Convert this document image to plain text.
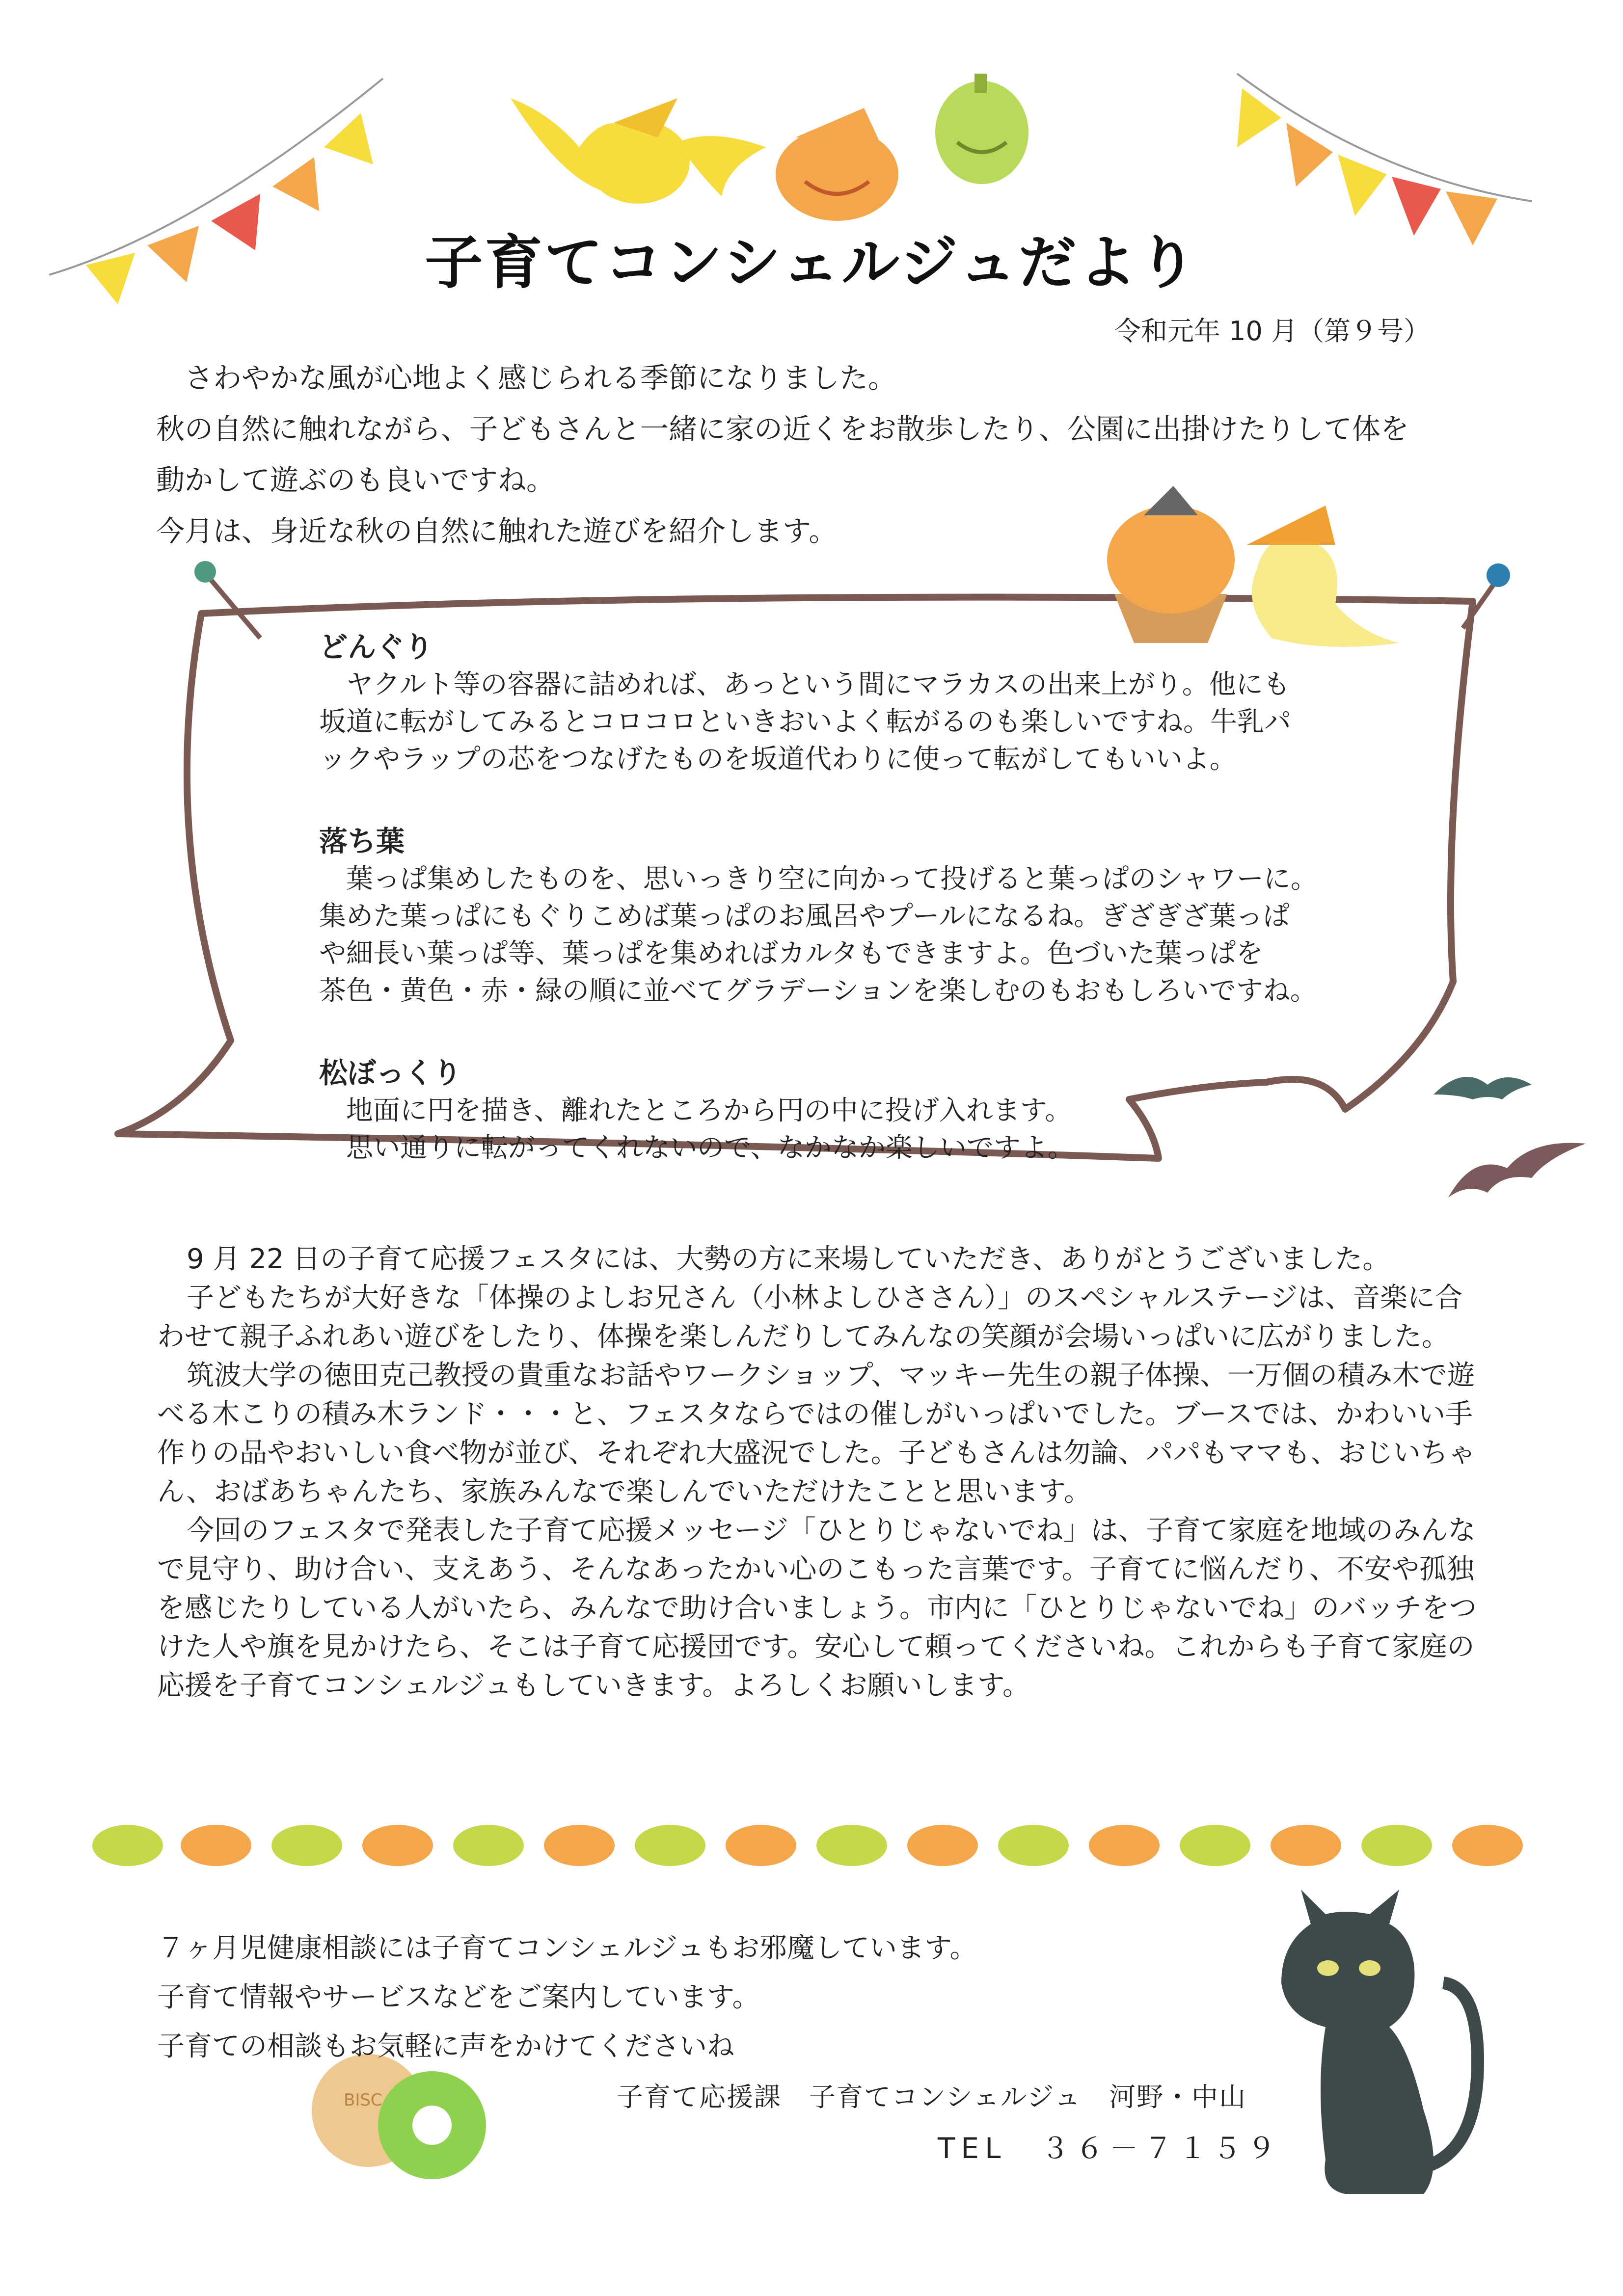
BISC
子育てコンシェルジュだより
令和元年 10 月（第９号）

　さわやかな風が心地よく感じられる季節になりました。

秋の自然に触れながら、子どもさんと一緒に家の近くをお散歩したり、公園に出掛けたりして体を

動かして遊ぶのも良いですね。

今月は、身近な秋の自然に触れた遊びを紹介します。

どんぐり
　ヤクルト等の容器に詰めれば、あっという間にマラカスの出来上がり。他にも
坂道に転がしてみるとコロコロといきおいよく転がるのも楽しいですね。牛乳パ
ックやラップの芯をつなげたものを坂道代わりに使って転がしてもいいよ。
落ち葉
　葉っぱ集めしたものを、思いっきり空に向かって投げると葉っぱのシャワーに。
集めた葉っぱにもぐりこめば葉っぱのお風呂やプールになるね。ぎざぎざ葉っぱ
や細長い葉っぱ等、葉っぱを集めればカルタもできますよ。色づいた葉っぱを
茶色・黄色・赤・緑の順に並べてグラデーションを楽しむのもおもしろいですね。
松ぼっくり
　地面に円を描き、離れたところから円の中に投げ入れます。
　思い通りに転がってくれないので、なかなか楽しいですよ。

9 月 22 日の子育て応援フェスタには、大勢の方に来場していただき、ありがとうございました。

子どもたちが大好きな「体操のよしお兄さん（小林よしひささん）」のスペシャルステージは、音楽に合わせて親子ふれあい遊びをしたり、体操を楽しんだりしてみんなの笑顔が会場いっぱいに広がりました。

筑波大学の徳田克己教授の貴重なお話やワークショップ、マッキー先生の親子体操、一万個の積み木で遊べる木こりの積み木ランド・・・と、フェスタならではの催しがいっぱいでした。ブースでは、かわいい手作りの品やおいしい食べ物が並び、それぞれ大盛況でした。子どもさんは勿論、パパもママも、おじいちゃん、おばあちゃんたち、家族みんなで楽しんでいただけたことと思います。

今回のフェスタで発表した子育て応援メッセージ「ひとりじゃないでね」は、子育て家庭を地域のみんなで見守り、助け合い、支えあう、そんなあったかい心のこもった言葉です。子育てに悩んだり、不安や孤独を感じたりしている人がいたら、みんなで助け合いましょう。市内に「ひとりじゃないでね」のバッチをつけた人や旗を見かけたら、そこは子育て応援団です。安心して頼ってくださいね。これからも子育て家庭の応援を子育てコンシェルジュもしていきます。よろしくお願いします。

７ヶ月児健康相談には子育てコンシェルジュもお邪魔しています。

子育て情報やサービスなどをご案内しています。

子育ての相談もお気軽に声をかけてくださいね

子育て応援課　子育てコンシェルジュ　河野・中山
TEL　３６－７１５９
